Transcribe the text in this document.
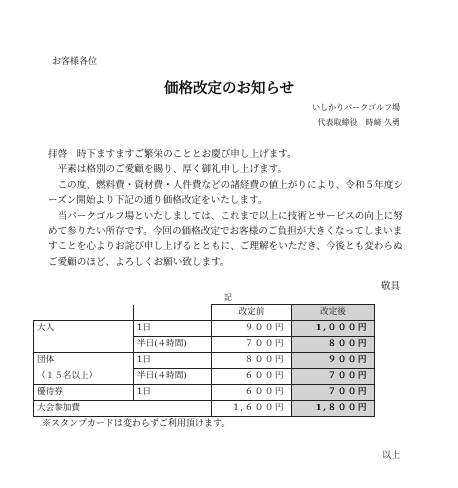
お客様各位
価格改定のお知らせ
いしかりパークゴルフ場
代表取締役　時﨑 久勇

拝啓　時下ますますご繁栄のこととお慶び申し上げます。

平素は格別のご愛顧を賜り、厚く御礼申し上げます。

この度、燃料費・資材費・人件費などの諸経費の値上がりにより、令和５年度シーズン開始より下記の通り価格改定をいたします。

当パークゴルフ場といたしましては、これまで以上に技術とサービスの向上に努めて参りたい所存です。今回の価格改定でお客様のご負担が大きくなってしまいますことを心よりお詫び申し上げるとともに、ご理解をいただき、今後とも変わらぬご愛顧のほど、よろしくお願い致します。

敬具
記
		改定前	改定後
大人	1日	９００円	1,０００円
	半日(４時間)	７００円	８００円
団体	1日	８００円	９００円
（１５名以上）	半日(４時間)	６００円	７００円
優待券	1日	６００円	７００円
大会参加費		1,６００円	1,８００円
※スタンプカードは変わらずご利用頂けます。
以上
